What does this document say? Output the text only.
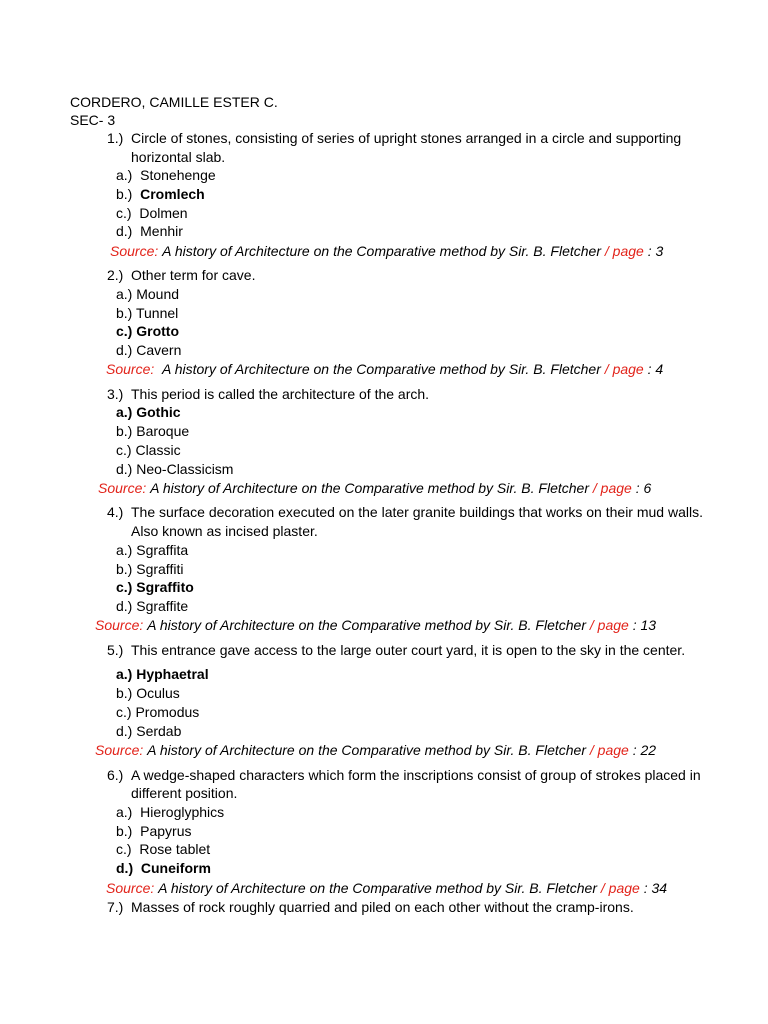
CORDERO, CAMILLE ESTER C.
SEC- 3
1.) Circle of stones, consisting of series of upright stones arranged in a circle and supporting
horizontal slab.
a.) Stonehenge
b.) Cromlech
c.) Dolmen
d.) Menhir
Source: A history of Architecture on the Comparative method by Sir. B. Fletcher / page : 3
2.) Other term for cave.
a.) Mound
b.) Tunnel
c.) Grotto
d.) Cavern
Source: A history of Architecture on the Comparative method by Sir. B. Fletcher / page : 4
3.) This period is called the architecture of the arch.
a.) Gothic
b.) Baroque
c.) Classic
d.) Neo-Classicism
Source: A history of Architecture on the Comparative method by Sir. B. Fletcher / page : 6
4.) The surface decoration executed on the later granite buildings that works on their mud walls.
Also known as incised plaster.
a.) Sgraffita
b.) Sgraffiti
c.) Sgraffito
d.) Sgraffite
Source: A history of Architecture on the Comparative method by Sir. B. Fletcher / page : 13
5.) This entrance gave access to the large outer court yard, it is open to the sky in the center.
a.) Hyphaetral
b.) Oculus
c.) Promodus
d.) Serdab
Source: A history of Architecture on the Comparative method by Sir. B. Fletcher / page : 22
6.) A wedge-shaped characters which form the inscriptions consist of group of strokes placed in
different position.
a.) Hieroglyphics
b.) Papyrus
c.) Rose tablet
d.) Cuneiform
Source: A history of Architecture on the Comparative method by Sir. B. Fletcher / page : 34
7.) Masses of rock roughly quarried and piled on each other without the cramp-irons.
